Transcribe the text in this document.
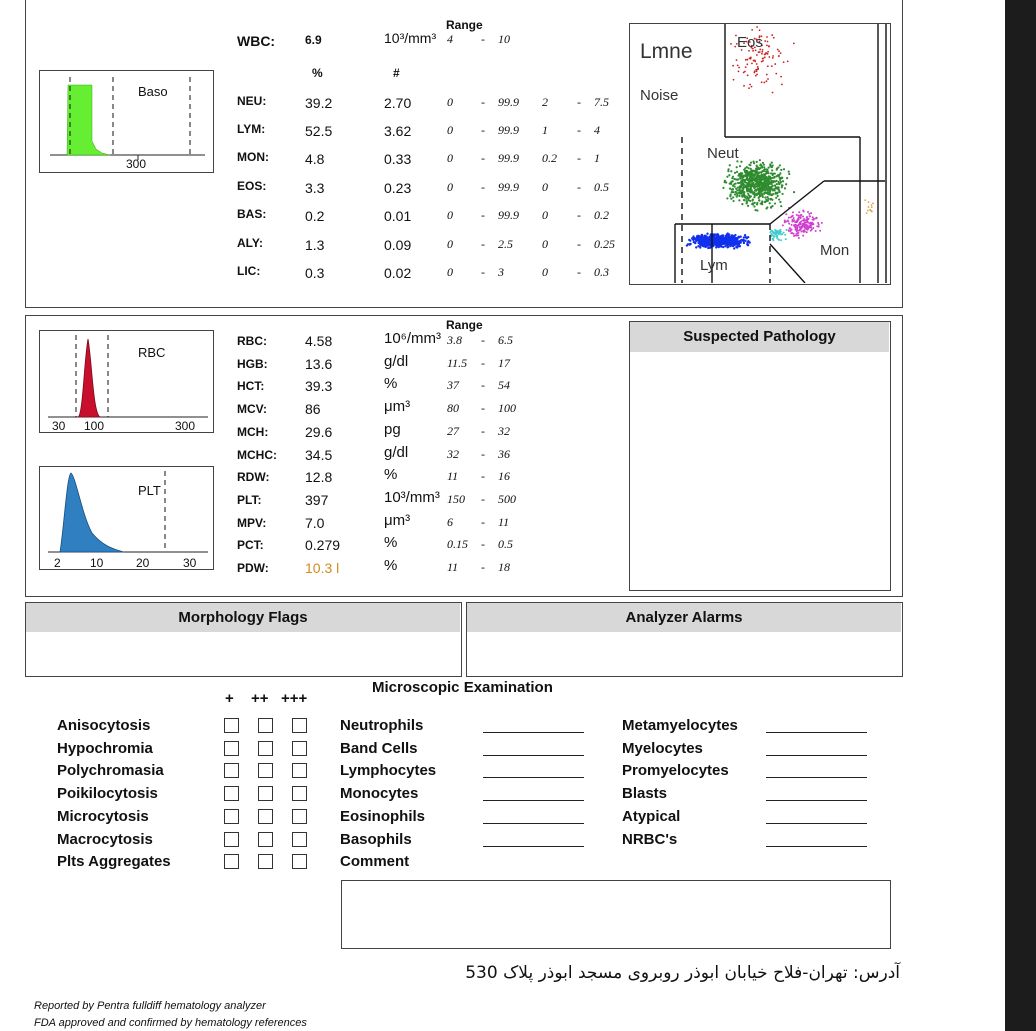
Baso
300
WBC: 6.9	10³/mm³
Range
4 - 10
%	#
NEU:	39.2	2.70	0 - 99.9 2 - 7.5
LYM:	52.5	3.62	0 - 99.9 1 - 4
MON:	4.8	0.33	0 - 99.9 0.2 - 1
EOS:	3.3	0.23	0 - 99.9 0 - 0.5
BAS:	0.2	0.01	0 - 99.9 0 - 0.2
ALY:	1.3	0.09	0 - 2.5 0 - 0.25
LIC:	0.3	0.02	0 - 3	0 - 0.3
Lmne
Noise
Eos
Neut
Lym
Mon
RBC
30 100	300
PLT
2 10	20	30
Range
RBC:	4.58	10⁶/mm³ 3.8 - 6.5
HGB:	13.6	g/dl	11.5 - 17
HCT:	39.3	%	37 - 54
MCV:	86	μm³	80 - 100
MCH:	29.6	pg	27 - 32
MCHC: 34.5	g/dl	32 - 36
RDW:	12.8	%	11 - 16
PLT:	397	10³/mm³ 150 - 500
MPV:	7.0	μm³	6 - 11
PCT:	0.279	%	0.15 - 0.5
PDW:	10.3 l	%	11 - 18
Suspected Pathology
Morphology Flags	Analyzer Alarms
Microscopic Examination
+ ++ +++
Anisocytosis
Hypochromia
Polychromasia
Poikilocytosis
Microcytosis
Macrocytosis
Plts Aggregates
Neutrophils
Band Cells
Lymphocytes
Monocytes
Eosinophils
Basophils
Comment
Metamyelocytes
Myelocytes
Promyelocytes
Blasts
Atypical
NRBC's
آدرس: تهران-فلاح خیابان ابوذر روبروی مسجد ابوذر پلاک 530
Reported by Pentra fulldiff hematology analyzer
FDA approved and confirmed by hematology references
